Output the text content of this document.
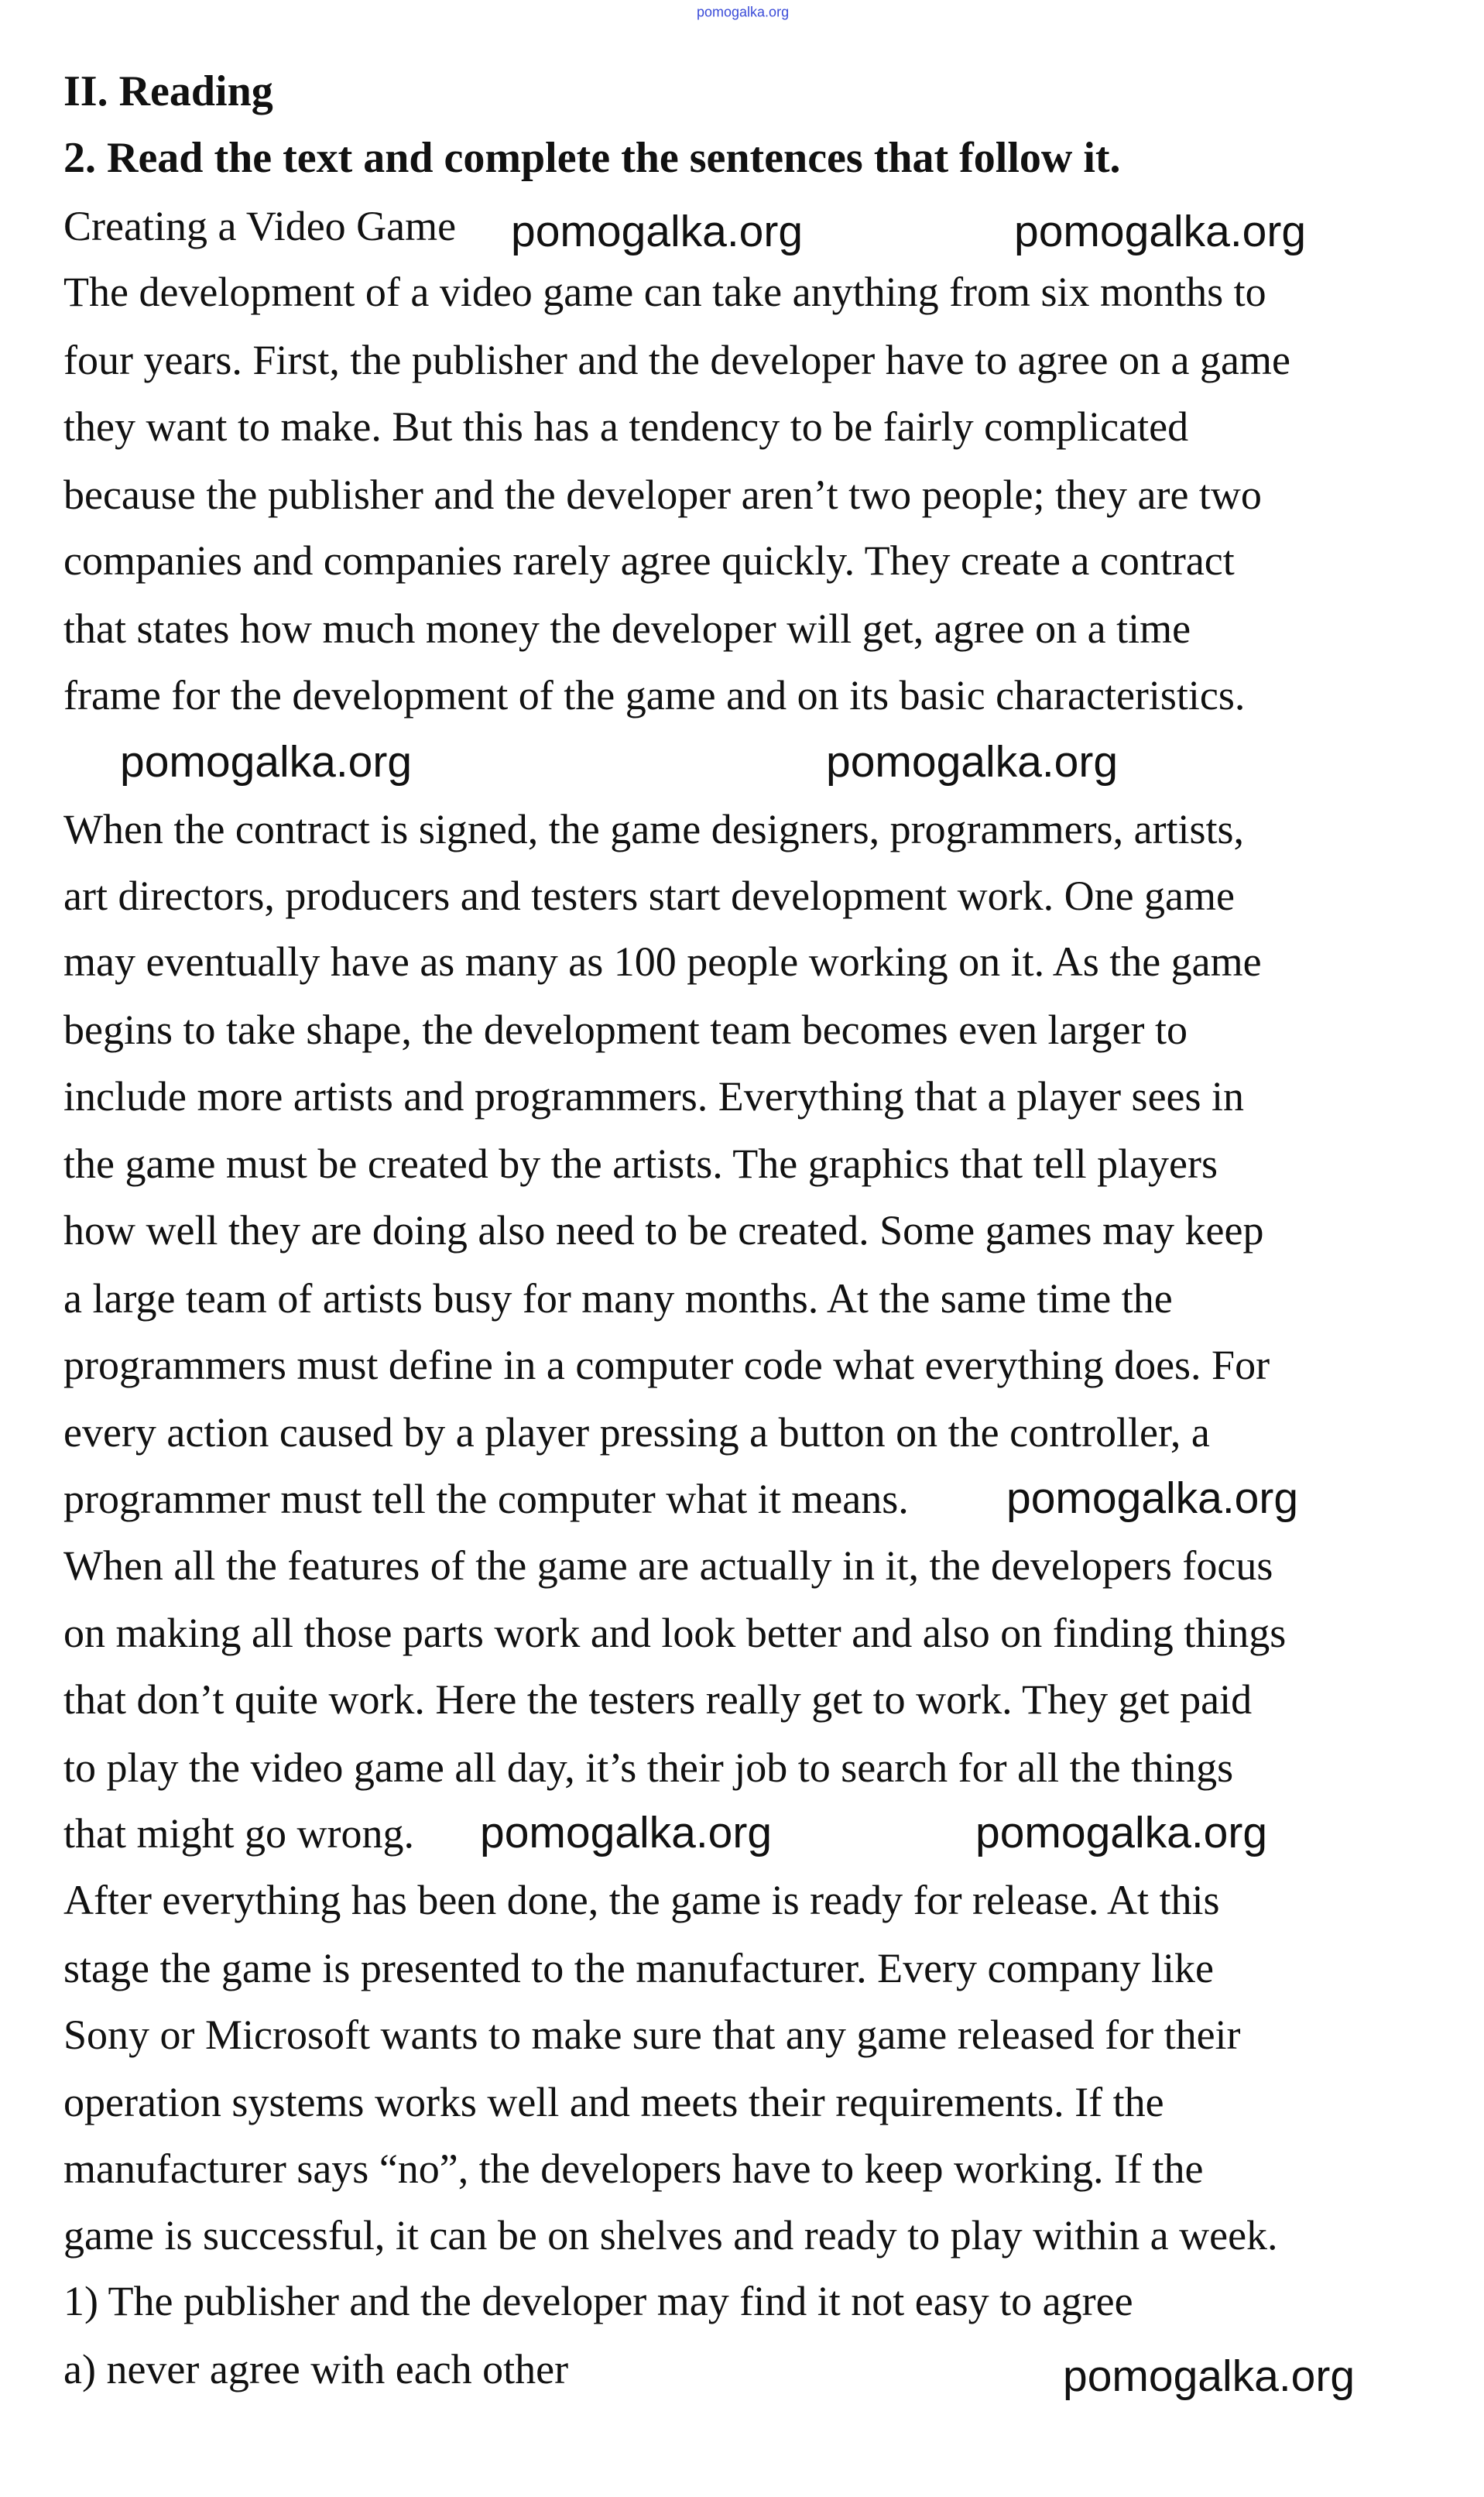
II. Reading
2. Read the text and complete the sentences that follow it.
Creating a Video Game
The development of a video game can take anything from six months to
four years. First, the publisher and the developer have to agree on a game
they want to make. But this has a tendency to be fairly complicated
because the publisher and the developer aren’t two people; they are two
companies and companies rarely agree quickly. They create a contract
that states how much money the developer will get, agree on a time
frame for the development of the game and on its basic characteristics.
When the contract is signed, the game designers, programmers, artists,
art directors, producers and testers start development work. One game
may eventually have as many as 100 people working on it. As the game
begins to take shape, the development team becomes even larger to
include more artists and programmers. Everything that a player sees in
the game must be created by the artists. The graphics that tell players
how well they are doing also need to be created. Some games may keep
a large team of artists busy for many months. At the same time the
programmers must define in a computer code what everything does. For
every action caused by a player pressing a button on the controller, a
programmer must tell the computer what it means.
When all the features of the game are actually in it, the developers focus
on making all those parts work and look better and also on finding things
that don’t quite work. Here the testers really get to work. They get paid
to play the video game all day, it’s their job to search for all the things
that might go wrong.
After everything has been done, the game is ready for release. At this
stage the game is presented to the manufacturer. Every company like
Sony or Microsoft wants to make sure that any game released for their
operation systems works well and meets their requirements. If the
manufacturer says “no”, the developers have to keep working. If the
game is successful, it can be on shelves and ready to play within a week.
1) The publisher and the developer may find it not easy to agree
a) never agree with each other
pomogalka.org
pomogalka.org	pomogalka.org
pomogalka.org	pomogalka.org
pomogalka.org
pomogalka.org	pomogalka.org
pomogalka.org
